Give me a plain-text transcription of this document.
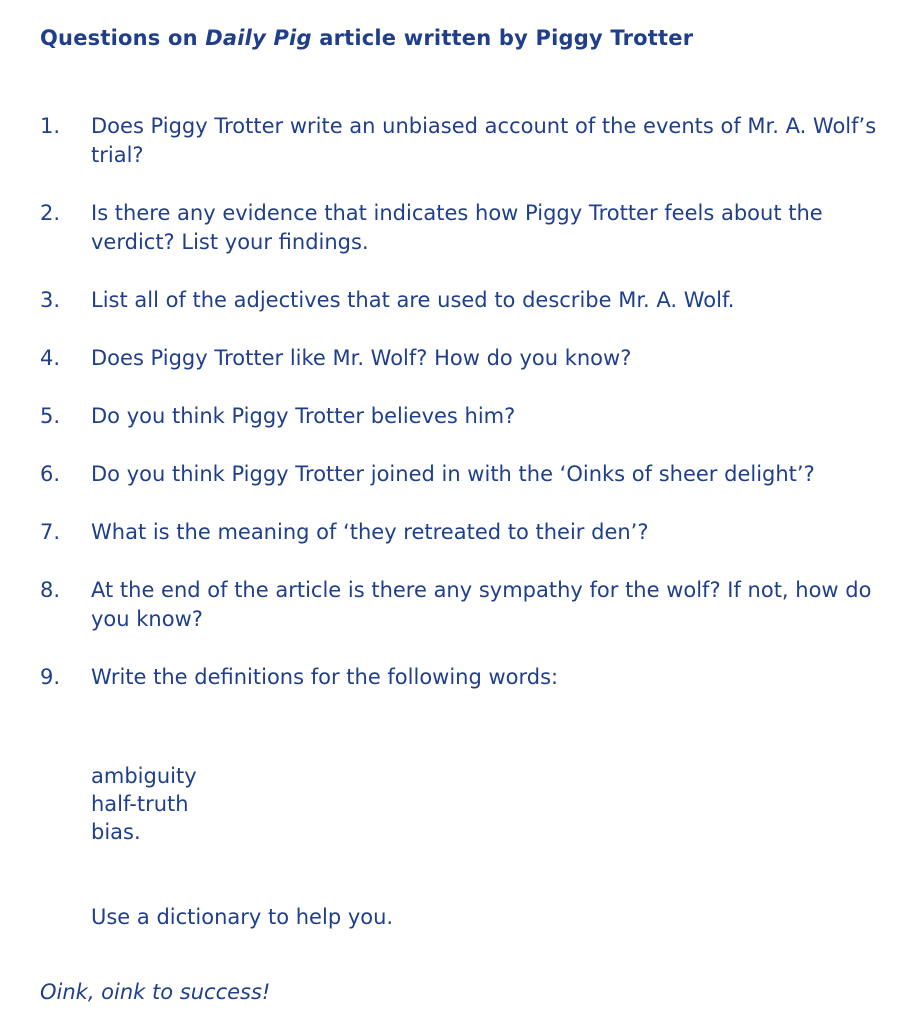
Questions on Daily Pig article written by Piggy Trotter
1. Does Piggy Trotter write an unbiased account of the events of Mr. A. Wolf’s trial?
2. Is there any evidence that indicates how Piggy Trotter feels about the verdict? List your findings.
3. List all of the adjectives that are used to describe Mr. A. Wolf.
4. Does Piggy Trotter like Mr. Wolf? How do you know?
5. Do you think Piggy Trotter believes him?
6. Do you think Piggy Trotter joined in with the ‘Oinks of sheer delight’?
7. What is the meaning of ‘they retreated to their den’?
8. At the end of the article is there any sympathy for the wolf? If not, how do you know?
9. Write the definitions for the following words:
ambiguity
half-truth
bias.
Use a dictionary to help you.
Oink, oink to success!
